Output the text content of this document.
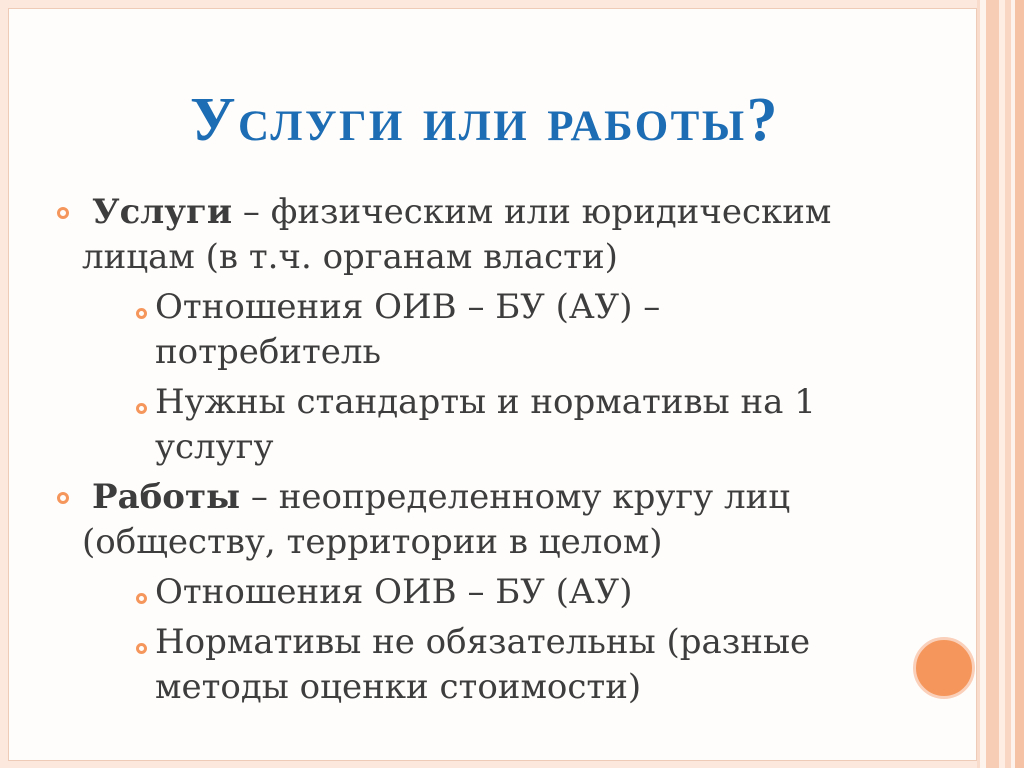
Услуги или работы?

Услуги – физическим или юридическим
лицам (в т.ч. органам власти)

Отношения ОИВ – БУ (АУ) –
потребитель

Нужны стандарты и нормативы на 1
услугу

Работы – неопределенному кругу лиц
(обществу, территории в целом)

Отношения ОИВ – БУ (АУ)

Нормативы не обязательны (разные
методы оценки стоимости)
